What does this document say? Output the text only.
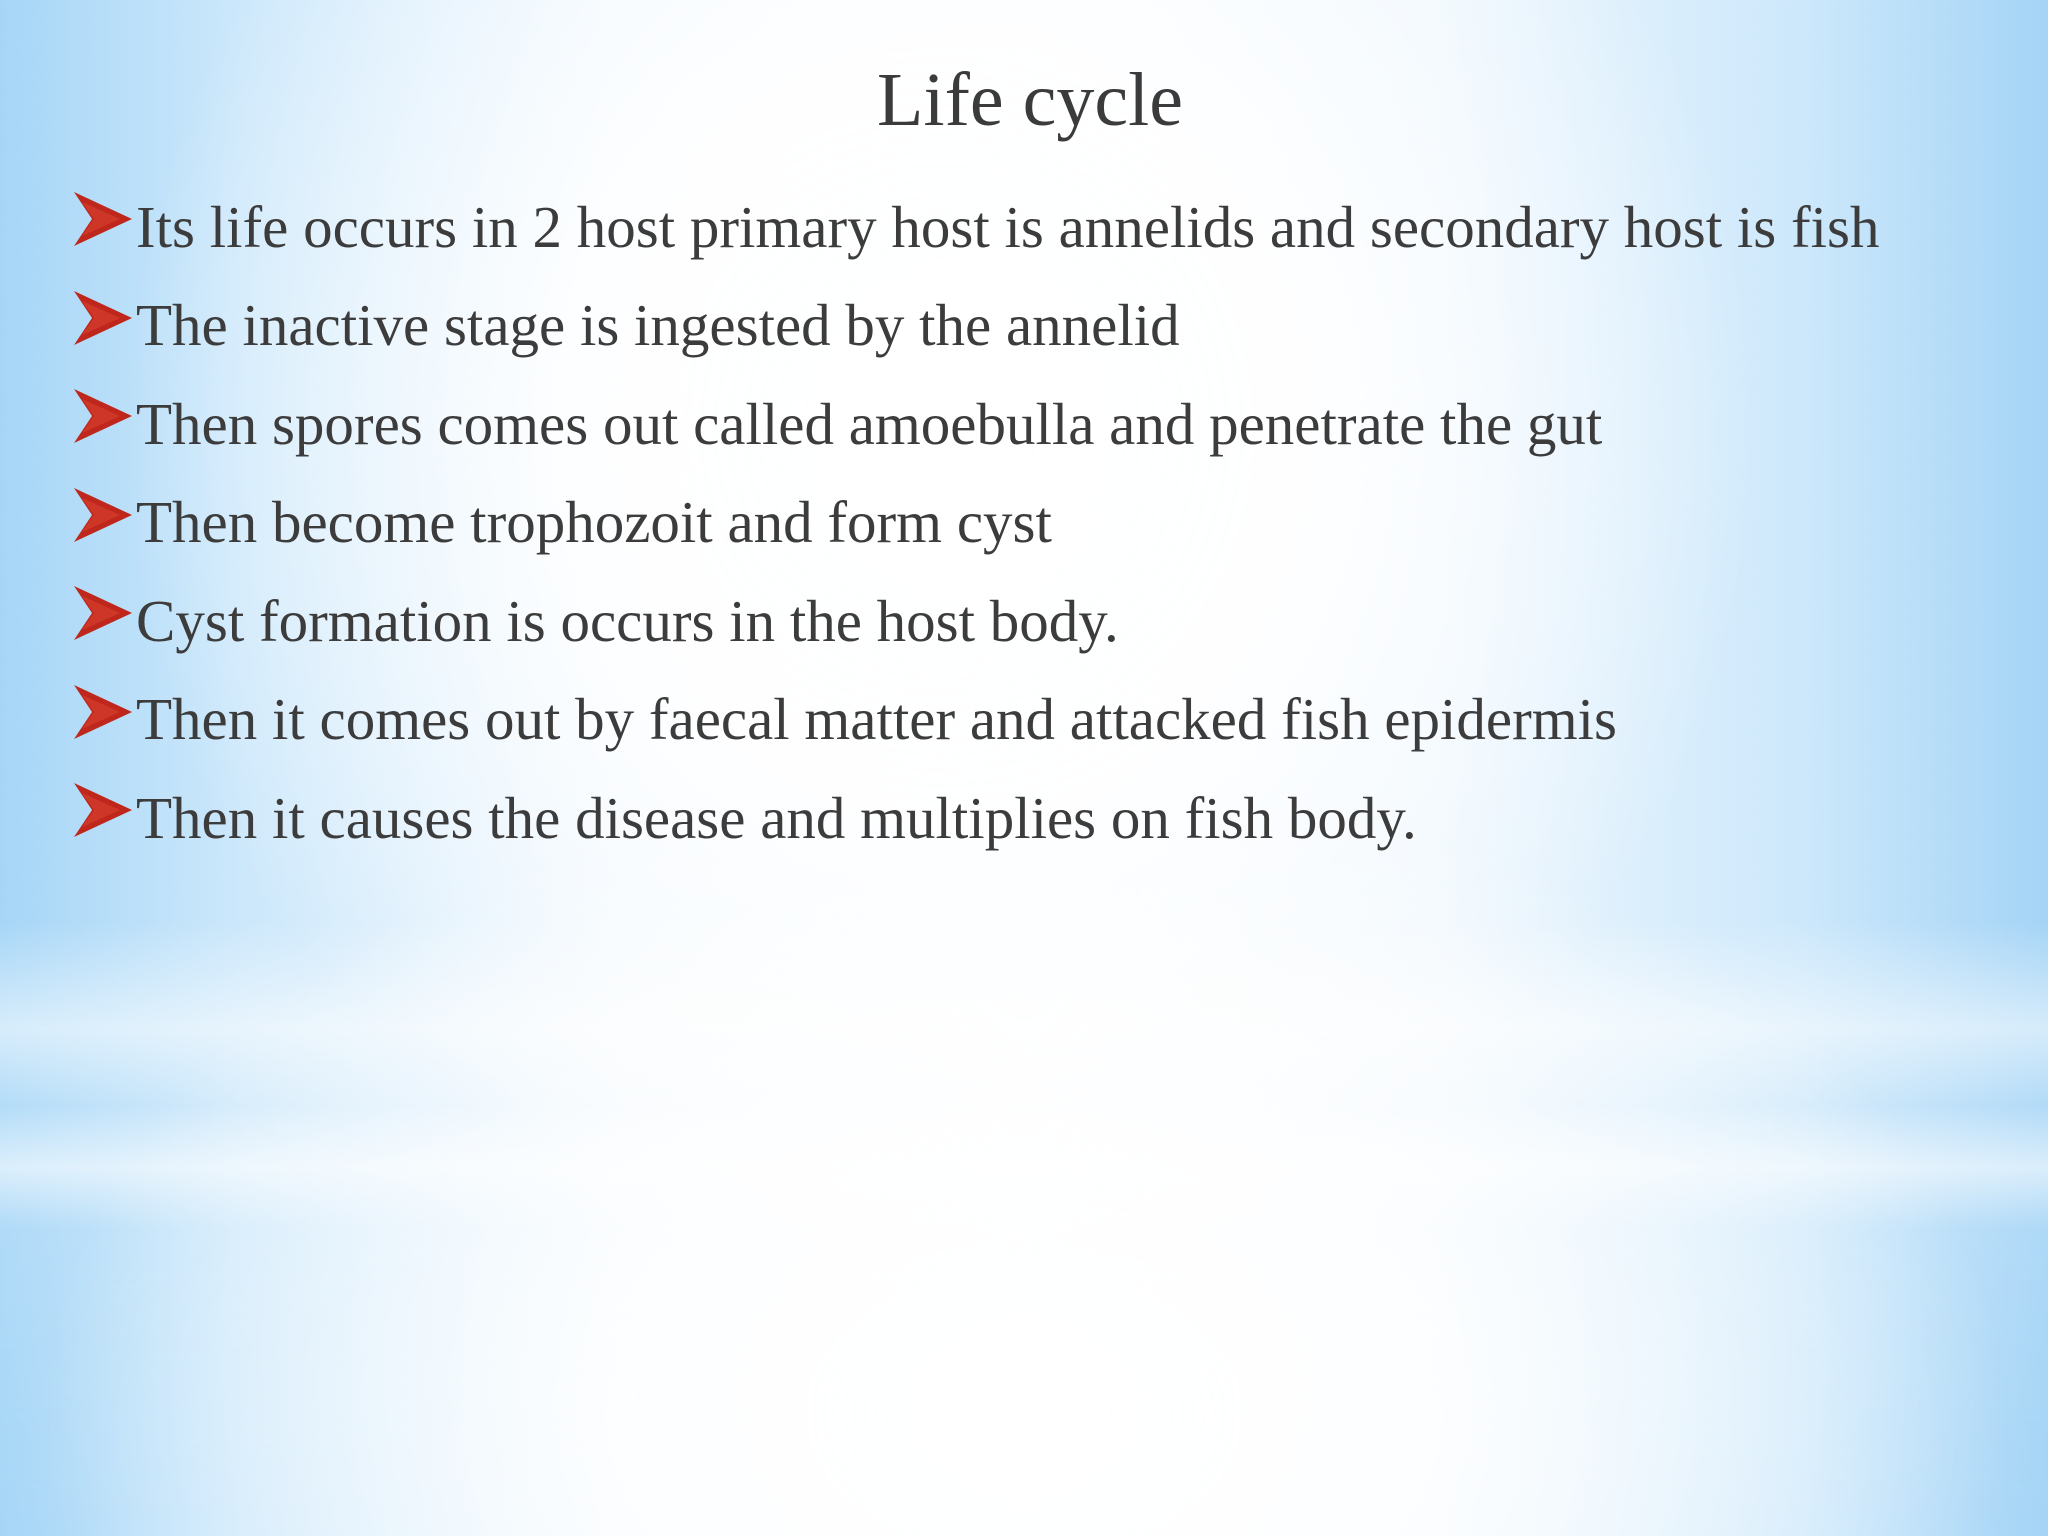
Life cycle
Its life occurs in 2 host primary host is annelids and secondary host is fish
The inactive stage is ingested by the annelid
Then spores comes out called amoebulla and penetrate the gut
Then become trophozoit and form cyst
Cyst formation is occurs in the host body.
Then it comes out by faecal matter and attacked fish epidermis
Then it causes the disease and multiplies on fish body.
